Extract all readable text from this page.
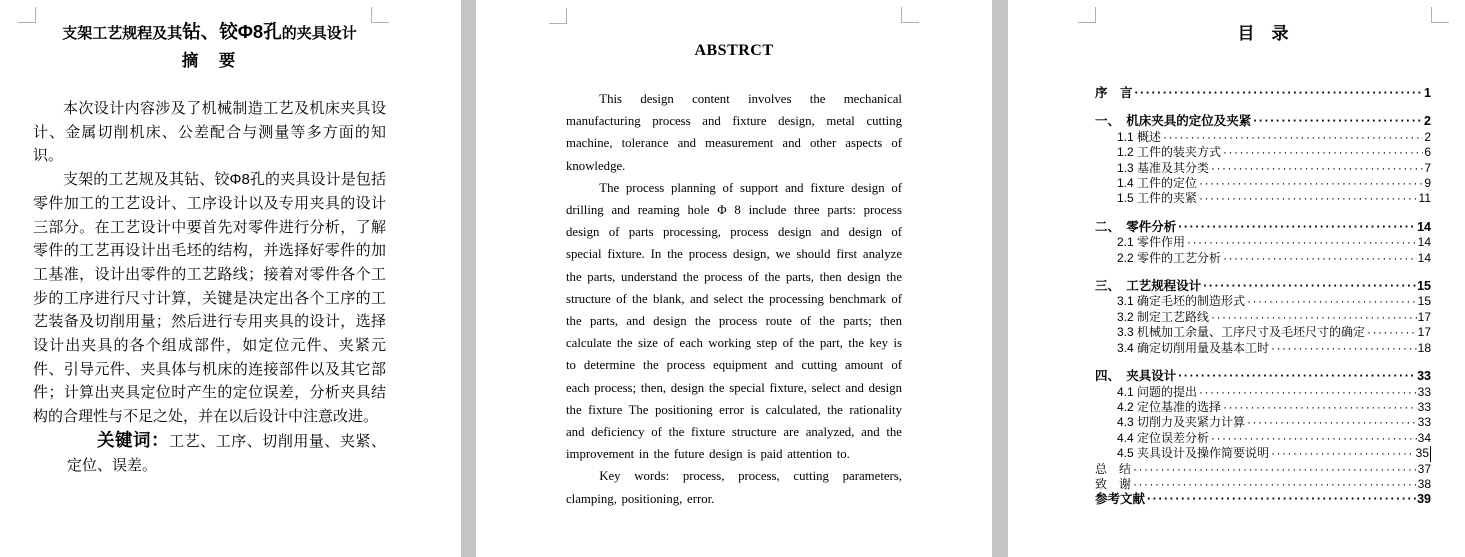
支架工艺规程及其钻、铰Φ8孔的夹具设计
摘　要

本次设计内容涉及了机械制造工艺及机床夹具设计、金属切削机床、公差配合与测量等多方面的知识。

支架的工艺规及其钻、铰Φ8孔的夹具设计是包括零件加工的工艺设计、工序设计以及专用夹具的设计三部分。在工艺设计中要首先对零件进行分析，了解零件的工艺再设计出毛坯的结构，并选择好零件的加工基准，设计出零件的工艺路线；接着对零件各个工步的工序进行尺寸计算，关键是决定出各个工序的工艺装备及切削用量；然后进行专用夹具的设计，选择设计出夹具的各个组成部件，如定位元件、夹紧元件、引导元件、夹具体与机床的连接部件以及其它部件；计算出夹具定位时产生的定位误差，分析夹具结构的合理性与不足之处，并在以后设计中注意改进。

关键词：工艺、工序、切削用量、夹紧、定位、误差。

ABSTRCT

This design content involves the mechanical manufacturing process and fixture design, metal cutting machine, tolerance and measurement and other aspects of knowledge.

The process planning of support and fixture design of drilling and reaming hole Φ 8 include three parts: process design of parts processing, process design and design of special fixture. In the process design, we should first analyze the parts, understand the process of the parts, then design the structure of the blank, and select the processing benchmark of the parts, and design the process route of the parts; then calculate the size of each working step of the part, the key is to determine the process equipment and cutting amount of each process; then, design the special fixture, select and design the fixture The positioning error is calculated, the rationality and deficiency of the fixture structure are analyzed, and the improvement in the future design is paid attention to.

Key words: process, process, cutting parameters, clamping, positioning, error.

目　录
序　言 ·····	1
一、　机床夹具的定位及夹紧 ·····	2
1.1 概述 ·····	2
1.2 工件的装夹方式 ·····	6
1.3 基准及其分类 ·····	7
1.4 工件的定位 ·····	9
1.5 工件的夹紧 ·····	11
二、　零件分析 ·····	14
2.1 零件作用 ·····	14
2.2 零件的工艺分析 ·····	14
三、　工艺规程设计 ·····	15
3.1 确定毛坯的制造形式 ·····	15
3.2 制定工艺路线 ·····	17
3.3 机械加工余量、工序尺寸及毛坯尺寸的确定 ·····	17
3.4 确定切削用量及基本工时 ·····	18
四、　夹具设计 ·····	33
4.1 问题的提出 ·····	33
4.2 定位基准的选择 ·····	33
4.3 切削力及夹紧力计算 ·····	33
4.4 定位误差分析 ·····	34
4.5 夹具设计及操作简要说明 ·····	35
总　结 ·····	37
致　谢 ·····	38
参考文献 ·····	39
